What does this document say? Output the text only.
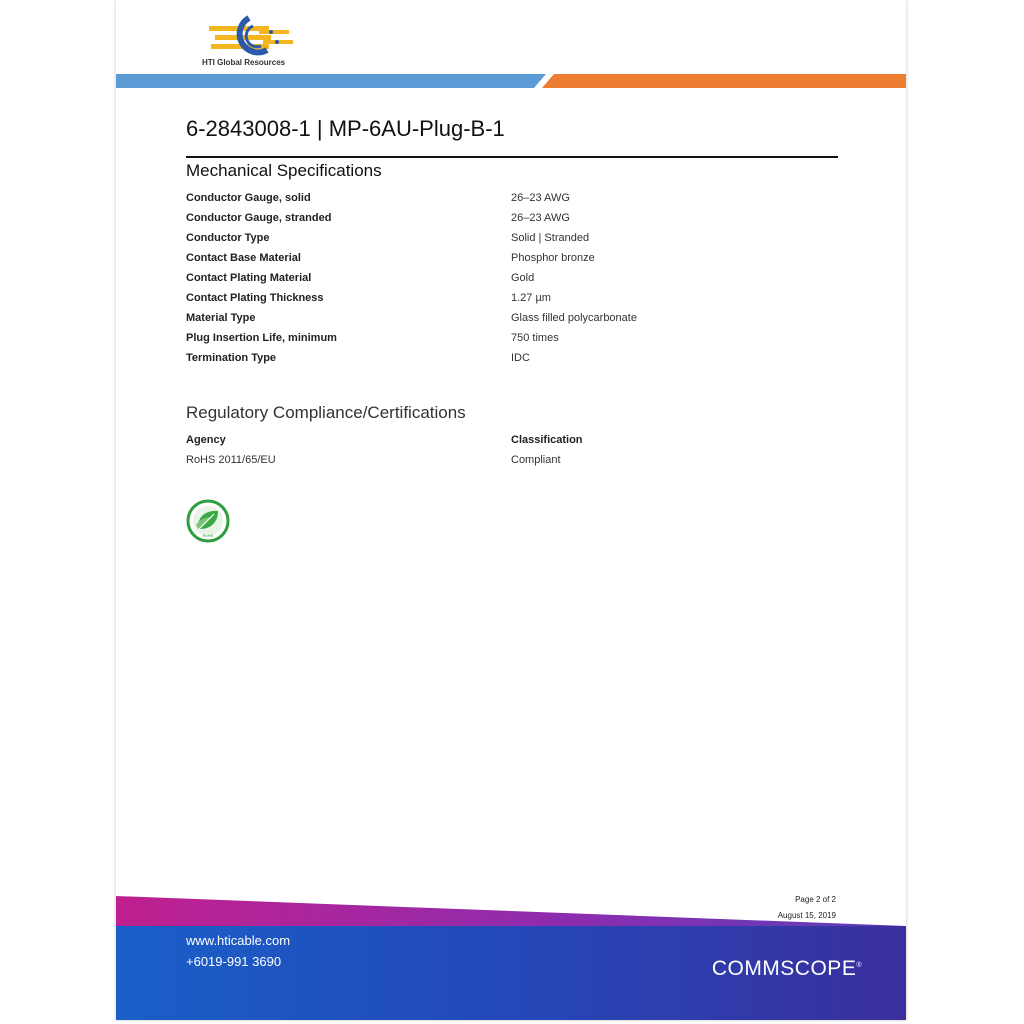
HTI Global Resources
6-2843008-1 | MP-6AU-Plug-B-1
Mechanical Specifications
Conductor Gauge, solid	26–23 AWG
Conductor Gauge, stranded	26–23 AWG
Conductor Type	Solid | Stranded
Contact Base Material	Phosphor bronze
Contact Plating Material	Gold
Contact Plating Thickness	1.27 µm
Material Type	Glass filled polycarbonate
Plug Insertion Life, minimum	750 times
Termination Type	IDC
Regulatory Compliance/Certifications
Agency	Classification
RoHS 2011/65/EU	Compliant
RoHS
Page 2 of 2
August 15, 2019
www.hticable.com
+6019-991 3690	COMMSCOPE®
